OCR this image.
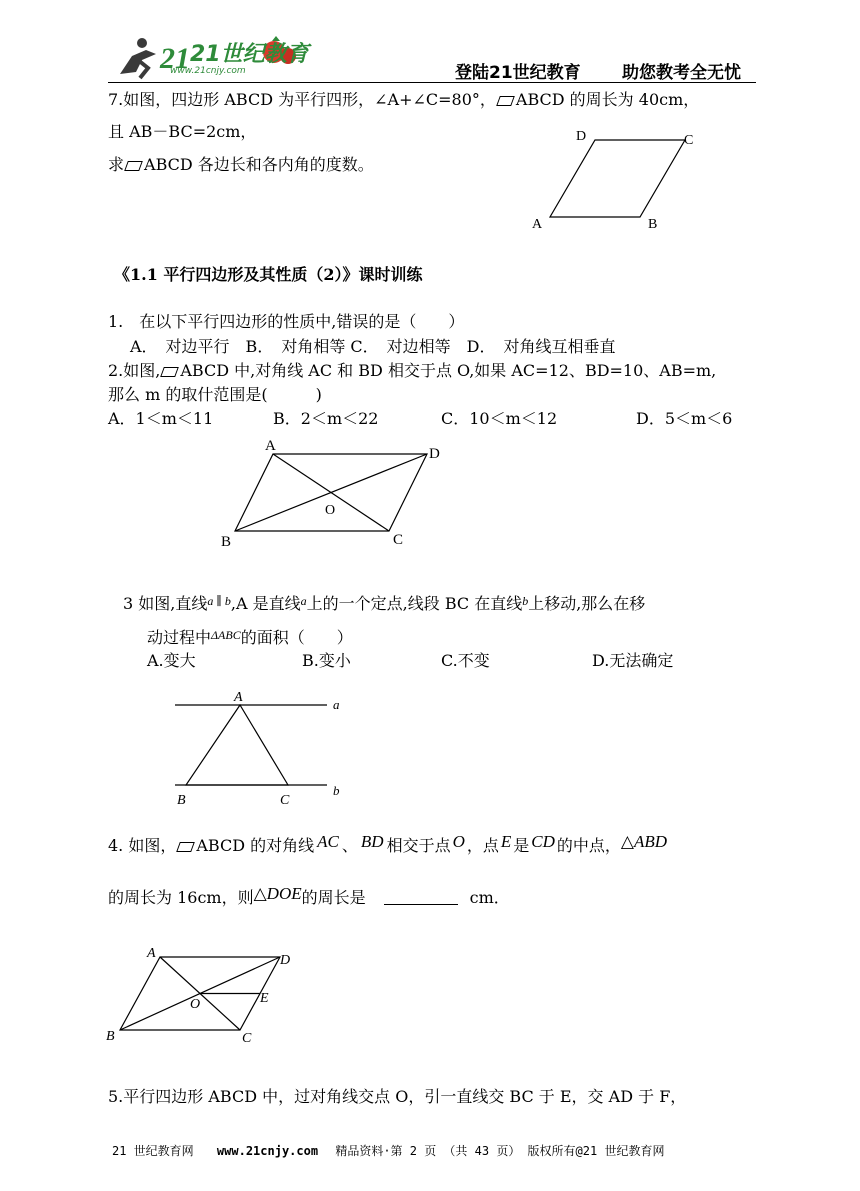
21 21世纪教育
www.21cnjy.com	登陆21世纪教育 助您教考全无忧
7.如图，四边形 ABCD 为平行四形，∠A+∠C=80°， ABCD 的周长为 40cm，
且 AB－BC=2cm，
求 ABCD 各边长和各内角的度数。
A	B
C
D
《1.1 平行四边形及其性质（2）》课时训练
1.　在以下平行四边形的性质中,错误的是（　　）
A．　对边平行　B．　对角相等 C．　对边相等　D．　对角线互相垂直
2.如图, ABCD 中,对角线 AC 和 BD 相交于点 O,如果 AC=12、BD=10、AB=m,
那么 m 的取什范围是(　　　)
A．1＜m＜11	B．2＜m＜22	C．10＜m＜12	D．5＜m＜6
A
B	C
D
O
3 如图,直线$^a$ ∥ $^b$,A 是直线$^a$上的一个定点,线段 BC 在直线$^b$上移动,那么在移
动过程中$^{\Delta ABC}$的面积（　　）
A.变大	B.变小	C.不变	D.无法确定
A
B	C
a
b
4. 如图， ABCD 的对角线 AC 、 BD 相交于点 O ，点 E 是 CD 的中点，△ABD
的周长为 16cm，则△DOE的周长是	cm．
A
B	C
D
O	E
5.平行四边形 ABCD 中，过对角线交点 O，引一直线交 BC 于 E，交 AD 于 F，
21 世纪教育网 www.21cnjy.com 精品资料·第 2 页 （共 43 页） 版权所有@21 世纪教育网
